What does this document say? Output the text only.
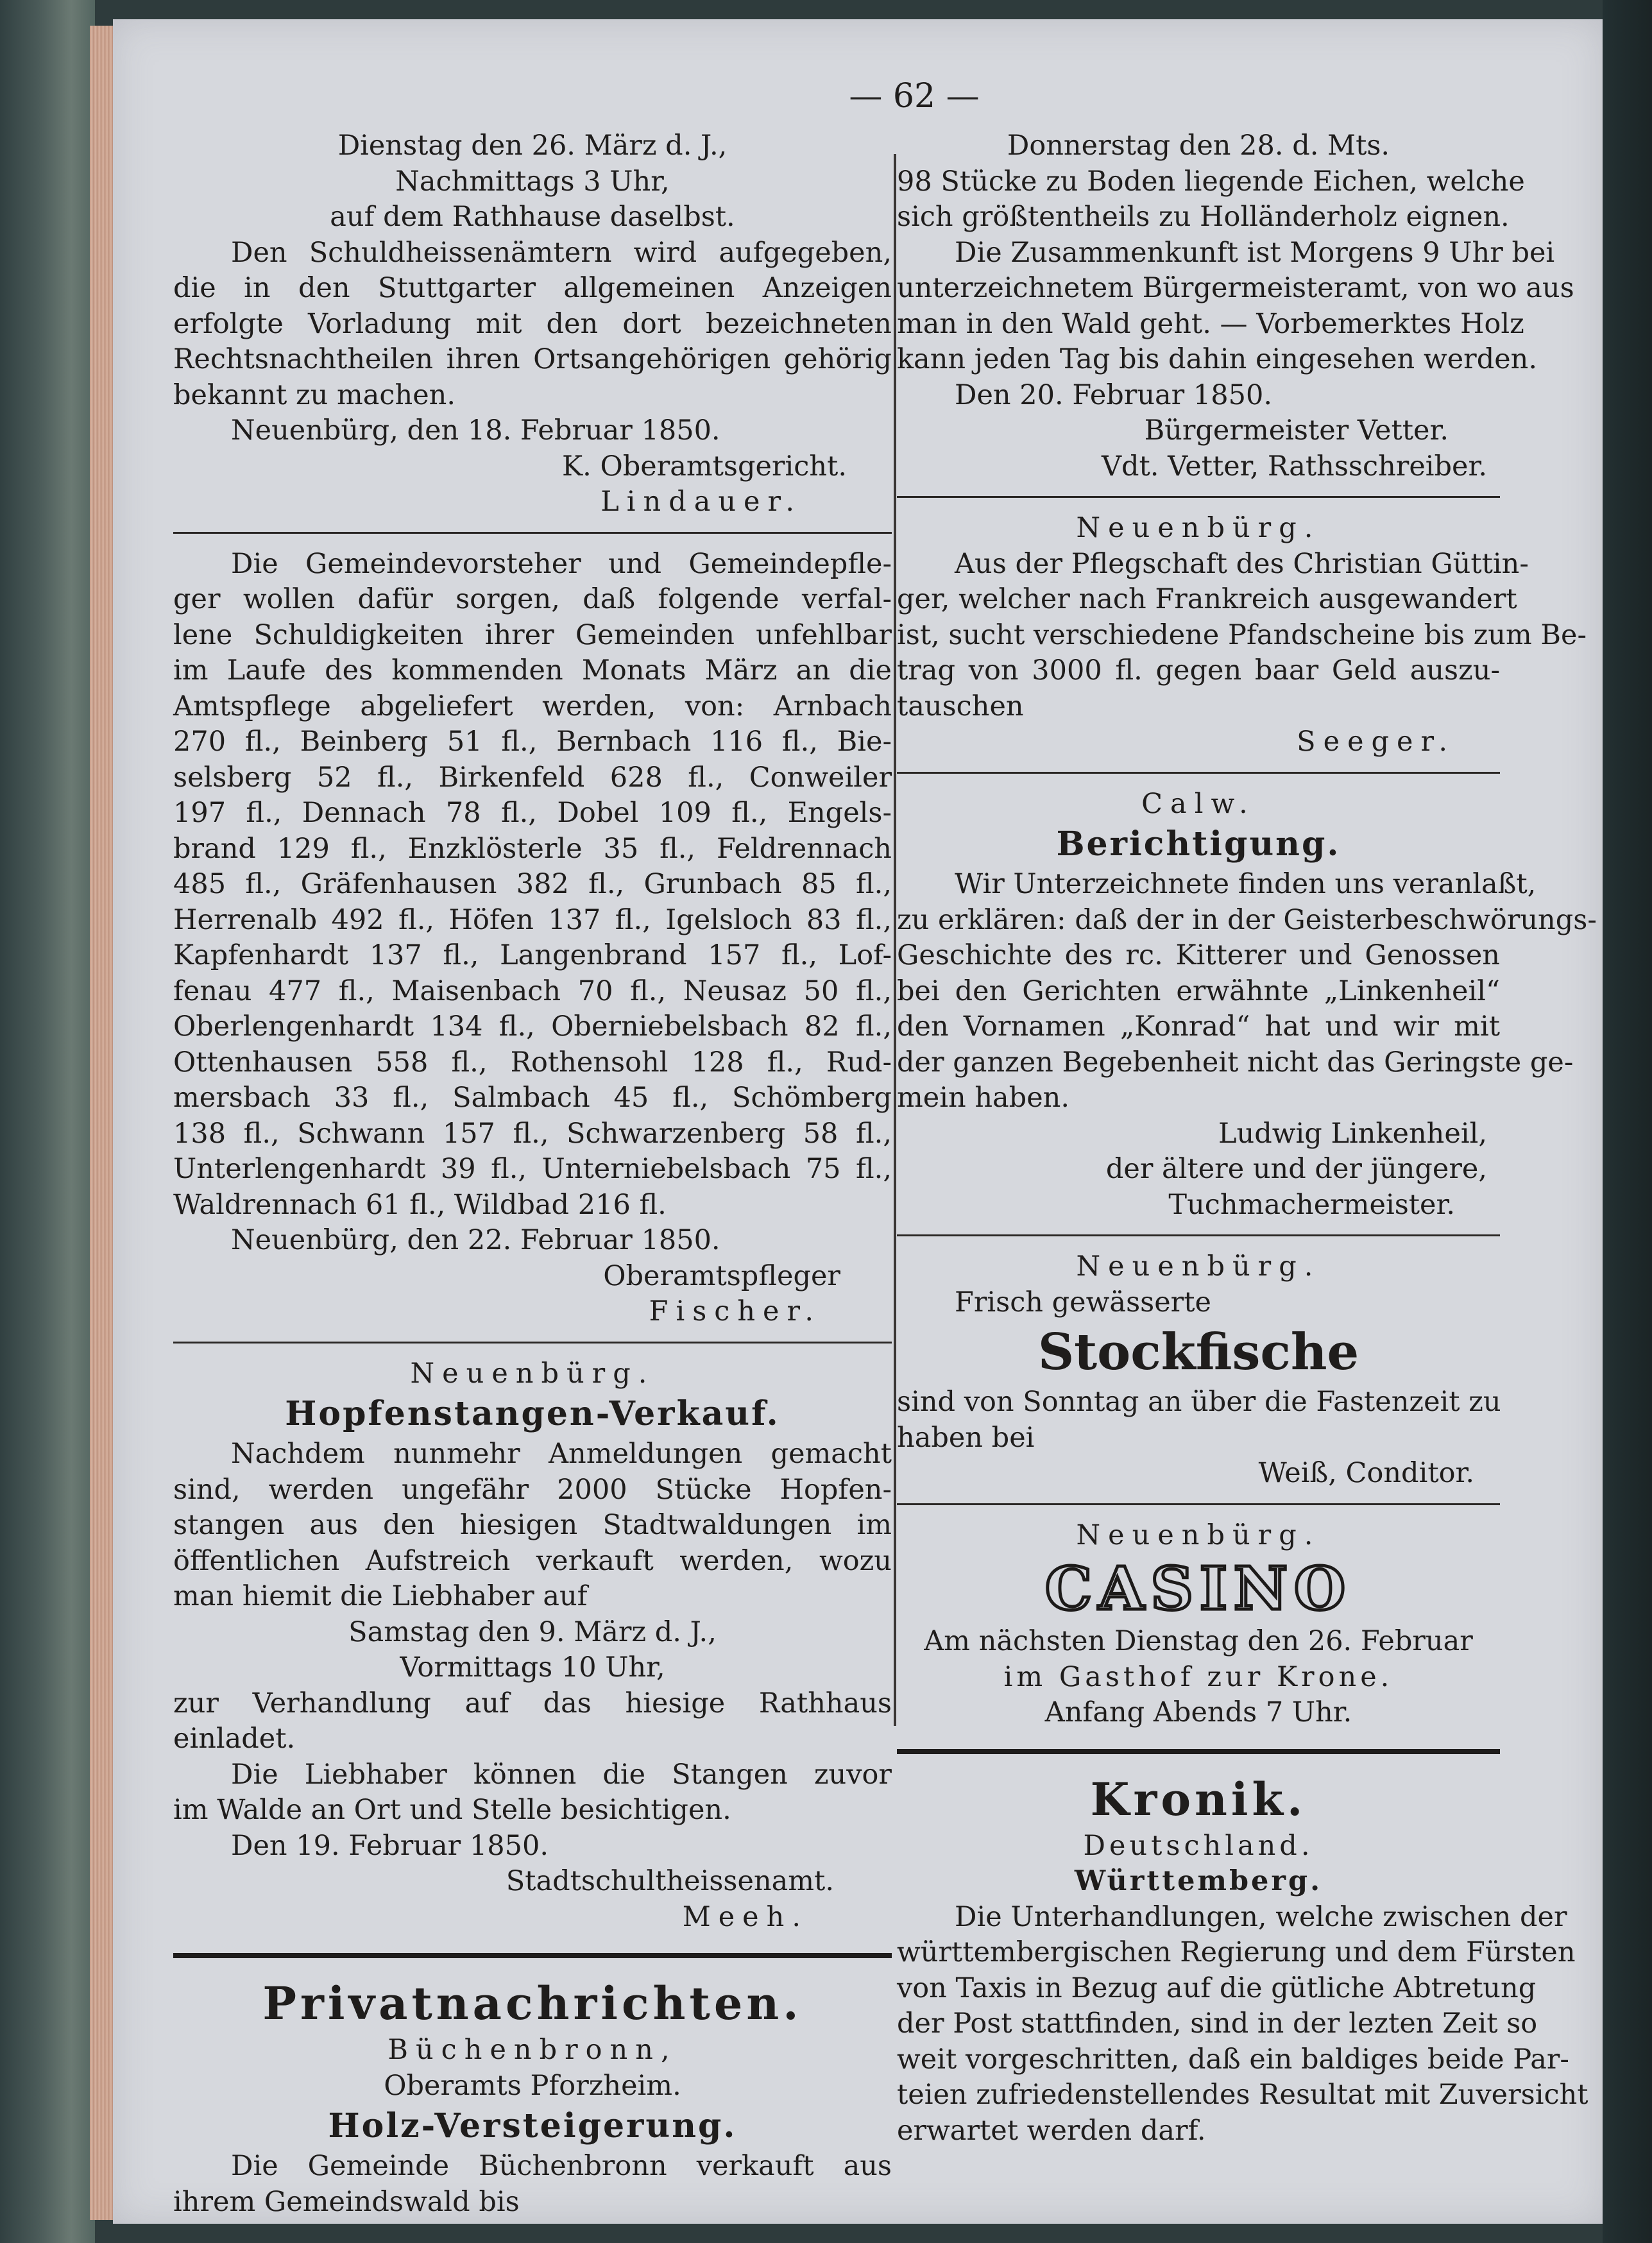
— 62 —
Dienstag den 26. März d. J.,
Nachmittags 3 Uhr,
auf dem Rathhause daselbst.
Den Schuldheissenämtern wird aufgegeben,
die in den Stuttgarter allgemeinen Anzeigen
erfolgte Vorladung mit den dort bezeichneten
Rechtsnachtheilen ihren Ortsangehörigen gehörig
bekannt zu machen.
Neuenbürg, den 18. Februar 1850.
K. Oberamtsgericht.
Lindauer.
Die Gemeindevorsteher und Gemeindepfle-
ger wollen dafür sorgen, daß folgende verfal-
lene Schuldigkeiten ihrer Gemeinden unfehlbar
im Laufe des kommenden Monats März an die
Amtspflege abgeliefert werden, von: Arnbach
270 fl., Beinberg 51 fl., Bernbach 116 fl., Bie-
selsberg 52 fl., Birkenfeld 628 fl., Conweiler
197 fl., Dennach 78 fl., Dobel 109 fl., Engels-
brand 129 fl., Enzklösterle 35 fl., Feldrennach
485 fl., Gräfenhausen 382 fl., Grunbach 85 fl.,
Herrenalb 492 fl., Höfen 137 fl., Igelsloch 83 fl.,
Kapfenhardt 137 fl., Langenbrand 157 fl., Lof-
fenau 477 fl., Maisenbach 70 fl., Neusaz 50 fl.,
Oberlengenhardt 134 fl., Oberniebelsbach 82 fl.,
Ottenhausen 558 fl., Rothensohl 128 fl., Rud-
mersbach 33 fl., Salmbach 45 fl., Schömberg
138 fl., Schwann 157 fl., Schwarzenberg 58 fl.,
Unterlengenhardt 39 fl., Unterniebelsbach 75 fl.,
Waldrennach 61 fl., Wildbad 216 fl.
Neuenbürg, den 22. Februar 1850.
Oberamtspfleger
Fischer.
Neuenbürg.
Hopfenstangen-Verkauf.
Nachdem nunmehr Anmeldungen gemacht
sind, werden ungefähr 2000 Stücke Hopfen-
stangen aus den hiesigen Stadtwaldungen im
öffentlichen Aufstreich verkauft werden, wozu
man hiemit die Liebhaber auf
Samstag den 9. März d. J.,
Vormittags 10 Uhr,
zur Verhandlung auf das hiesige Rathhaus
einladet.
Die Liebhaber können die Stangen zuvor
im Walde an Ort und Stelle besichtigen.
Den 19. Februar 1850.
Stadtschultheissenamt.
Meeh.
Privatnachrichten.
Büchenbronn,
Oberamts Pforzheim.
Holz-Versteigerung.
Die Gemeinde Büchenbronn verkauft aus
ihrem Gemeindswald bis
Donnerstag den 28. d. Mts.
98 Stücke zu Boden liegende Eichen, welche
sich größtentheils zu Holländerholz eignen.
Die Zusammenkunft ist Morgens 9 Uhr bei
unterzeichnetem Bürgermeisteramt, von wo aus
man in den Wald geht. — Vorbemerktes Holz
kann jeden Tag bis dahin eingesehen werden.
Den 20. Februar 1850.
Bürgermeister Vetter.
Vdt. Vetter, Rathsschreiber.
Neuenbürg.
Aus der Pflegschaft des Christian Güttin-
ger, welcher nach Frankreich ausgewandert
ist, sucht verschiedene Pfandscheine bis zum Be-
trag von 3000 fl. gegen baar Geld auszu-
tauschen
Seeger.
Calw.
Berichtigung.
Wir Unterzeichnete finden uns veranlaßt,
zu erklären: daß der in der Geisterbeschwörungs-
Geschichte des rc. Kitterer und Genossen
bei den Gerichten erwähnte „Linkenheil“
den Vornamen „Konrad“ hat und wir mit
der ganzen Begebenheit nicht das Geringste ge-
mein haben.
Ludwig Linkenheil,
der ältere und der jüngere,
Tuchmachermeister.
Neuenbürg.
Frisch gewässerte
Stockfische
sind von Sonntag an über die Fastenzeit zu
haben bei
Weiß, Conditor.
Neuenbürg.
CASINO
Am nächsten Dienstag den 26. Februar
im Gasthof zur Krone.
Anfang Abends 7 Uhr.
Kronik.
Deutschland.
Württemberg.
Die Unterhandlungen, welche zwischen der
württembergischen Regierung und dem Fürsten
von Taxis in Bezug auf die gütliche Abtretung
der Post stattfinden, sind in der lezten Zeit so
weit vorgeschritten, daß ein baldiges beide Par-
teien zufriedenstellendes Resultat mit Zuversicht
erwartet werden darf.
